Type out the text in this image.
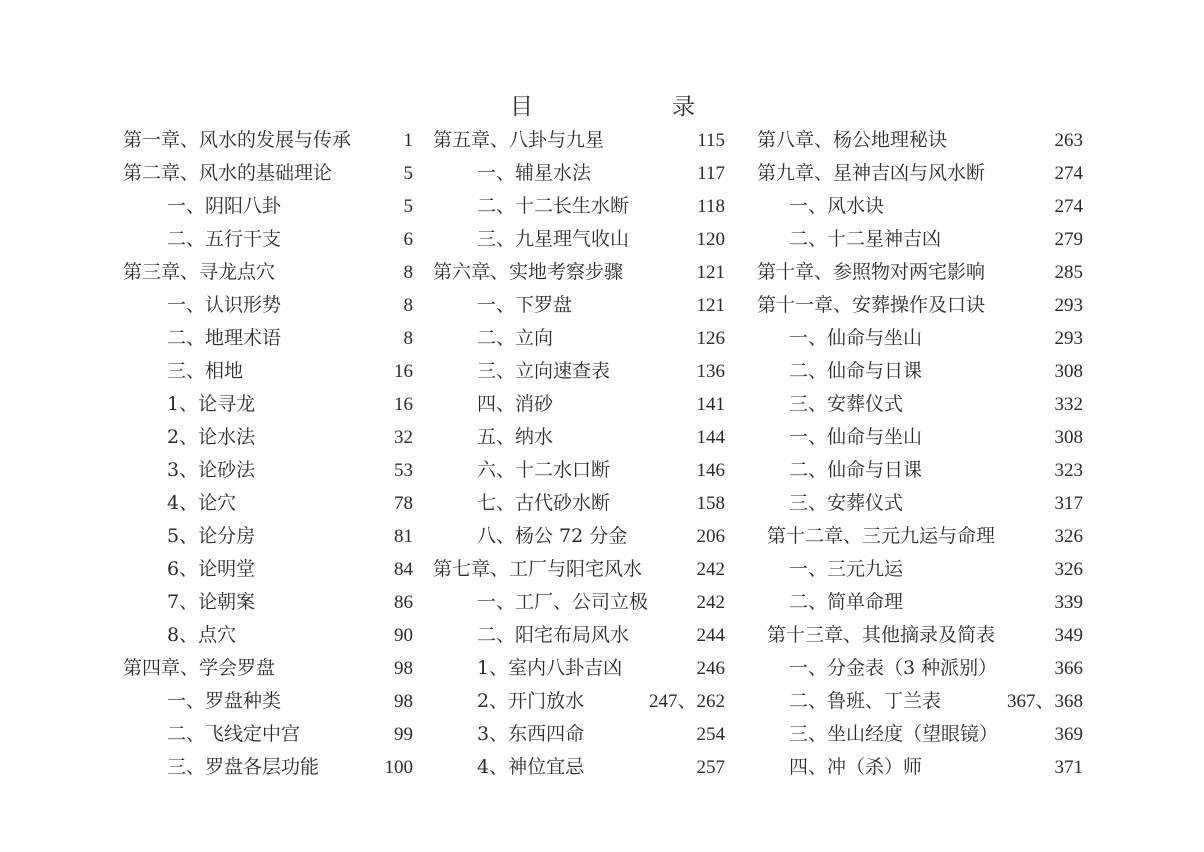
目	录
第一章、风水的发展与传承	1
第二章、风水的基础理论	5
一、阴阳八卦	5
二、五行干支	6
第三章、寻龙点穴	8
一、认识形势	8
二、地理术语	8
三、相地	16
1、论寻龙	16
2、论水法	32
3、论砂法	53
4、论穴	78
5、论分房	81
6、论明堂	84
7、论朝案	86
8、点穴	90
第四章、学会罗盘	98
一、罗盘种类	98
二、飞线定中宫	99
三、罗盘各层功能	100
第五章、八卦与九星	115
一、辅星水法	117
二、十二长生水断	118
三、九星理气收山	120
第六章、实地考察步骤	121
一、下罗盘	121
二、立向	126
三、立向速查表	136
四、消砂	141
五、纳水	144
六、十二水口断	146
七、古代砂水断	158
八、杨公 72 分金	206
第七章、工厂与阳宅风水	242
一、工厂、公司立极	242
二、阳宅布局风水	244
1、室内八卦吉凶	246
2、开门放水	247、262
3、东西四命	254
4、神位宜忌	257
第八章、杨公地理秘诀	263
第九章、星神吉凶与风水断	274
一、风水诀	274
二、十二星神吉凶	279
第十章、参照物对两宅影响	285
第十一章、安葬操作及口诀	293
一、仙命与坐山	293
二、仙命与日课	308
三、安葬仪式	332
一、仙命与坐山	308
二、仙命与日课	323
三、安葬仪式	317
第十二章、三元九运与命理	326
一、三元九运	326
二、简单命理	339
第十三章、其他摘录及简表	349
一、分金表（3 种派别）	366
二、鲁班、丁兰表	367、368
三、坐山经度（望眼镜）	369
四、冲（杀）师	371
